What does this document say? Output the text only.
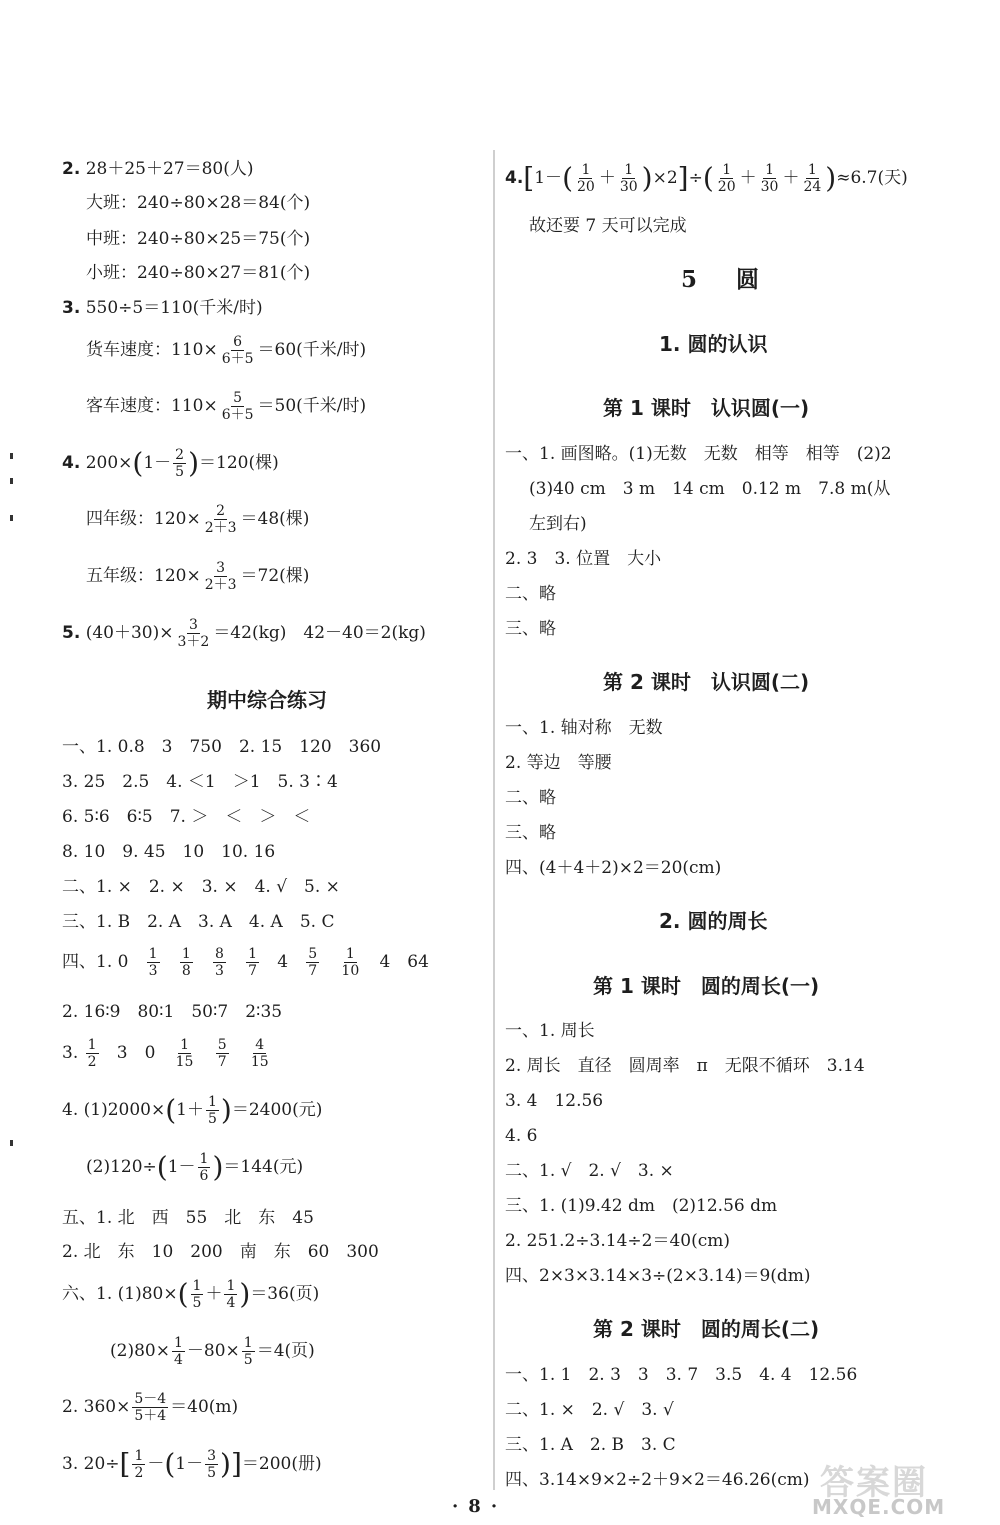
2. 28＋25＋27＝80(人)
大班：240÷80×28＝84(个)
中班：240÷80×25＝75(个)
小班：240÷80×27＝81(个)
3. 550÷5＝110(千米/时)
货车速度：$110\times \frac{6}{6+5} =60$(千米/时)
客车速度：$110\times \frac{5}{6+5} =50$(千米/时)
4. $200\times(1- \frac{2}{5} )=120$(棵)
四年级：$120\times \frac{2}{2+3} =48$(棵)
五年级：$120\times \frac{3}{2+3} =72$(棵)
5. $(40+30)\times \frac{3}{3+2} =42(kg)$　42－40＝2(kg)
期中综合练习
一、1. 0.8　3　750　2. 15　120　360
3. 25　2.5　4. ＜1　＞1　5. 3∶4
6. 5∶6　6∶5　7. ＞　＜　＞　＜
8. 10　9. 45　10　10. 16
二、1. ×　2. ×　3. ×　4. √　5. ×
三、1. B　2. A　3. A　4. A　5. C
四、1. $0 \frac{1}{3}$
$\frac{1}{8}$
$\frac{8}{3}$
$\frac{1}{7} 4 \frac{5}{7}$
$\frac{1}{10} 4$　64
2. 16∶9　80∶1　50∶7　2∶35
3. $\frac{1}{2} 3$　$0 \frac{1}{15}$
$\frac{5}{7}$
$\frac{4}{15}$
4. $(1)2000\times(1+ \frac{1}{5} )=2400$(元)
$(2)120\div(1- \frac{1}{6} )=144$(元)
五、1. 北　西　55　北　东　45
2. 北　东　10　200　南　东　60　300
六、1. $(1)80\times( \frac{1}{5} + \frac{1}{4} )=36$(页)
$(2)80\times \frac{1}{4} -80\times \frac{1}{5} =4$(页)
2. $360\times \frac{5-4}{5+4} =40(m)$
3. $20\div[ \frac{1}{2} -(1- \frac{3}{5} )]=200$(册)
$4.[1-( \frac{1}{20} + \frac{1}{30} )\times 2]\div( \frac{1}{20} + \frac{1}{30} + \frac{1}{24} )\approx 6.7$(天)
故还要 7 天可以完成
5　圆
1. 圆的认识
第 1 课时　认识圆(一)
一、1. 画图略。(1)无数　无数　相等　相等　(2)2
(3)40 cm　3 m　14 cm　0.12 m　7.8 m(从
左到右)
2. 3　3. 位置　大小
二、略
三、略
第 2 课时　认识圆(二)
一、1. 轴对称　无数
2. 等边　等腰
二、略
三、略
四、(4＋4＋2)×2＝20(cm)
2. 圆的周长
第 1 课时　圆的周长(一)
一、1. 周长
2. 周长　直径　圆周率　π　无限不循环　3.14
3. 4　12.56
4. 6
二、1. √　2. √　3. ×
三、1. (1)9.42 dm　(2)12.56 dm
2. 251.2÷3.14÷2＝40(cm)
四、2×3×3.14×3÷(2×3.14)＝9(dm)
第 2 课时　圆的周长(二)
一、1. 1　2. 3　3　3. 7　3.5　4. 4　12.56
二、1. ×　2. √　3. √
三、1. A　2. B　3. C
四、3.14×9×2÷2＋9×2＝46.26(cm)
·8·
答案圈
MXQE.COM
